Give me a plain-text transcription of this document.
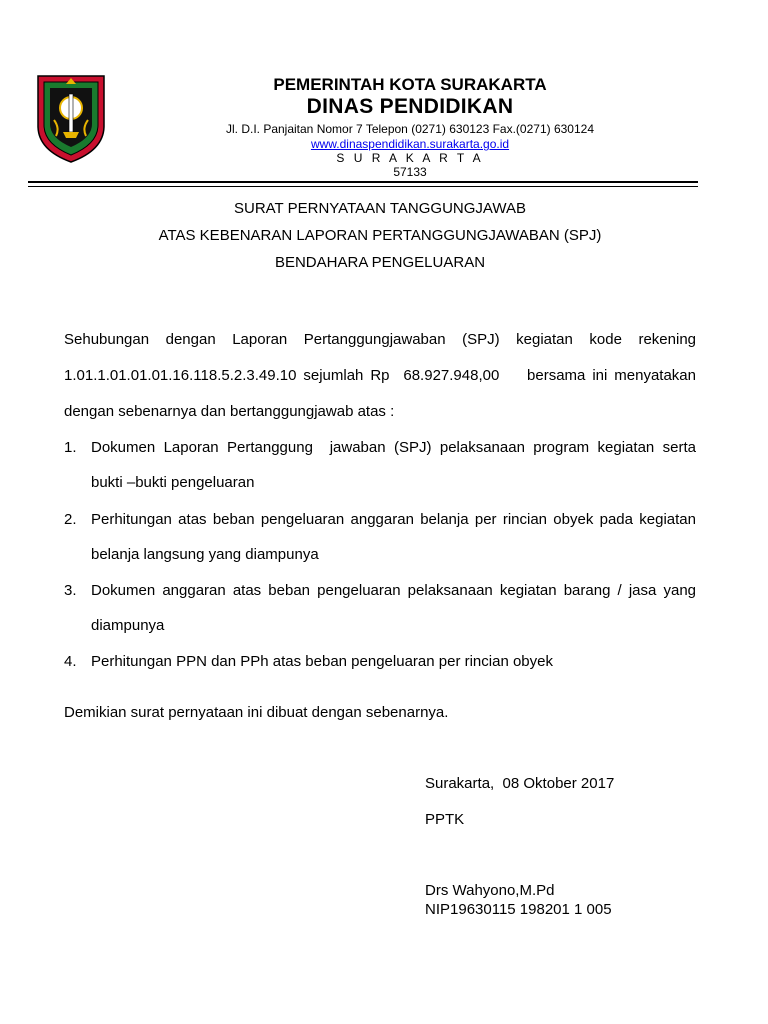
PEMERINTAH KOTA SURAKARTA
DINAS PENDIDIKAN
Jl. D.I. Panjaitan Nomor 7 Telepon (0271) 630123 Fax.(0271) 630124
www.dinaspendidikan.surakarta.go.id
S U R A K A R T A
57133
SURAT PERNYATAAN TANGGUNGJAWAB
ATAS KEBENARAN LAPORAN PERTANGGUNGJAWABAN (SPJ)
BENDAHARA PENGELUARAN
Sehubungan dengan Laporan Pertanggungjawaban (SPJ) kegiatan kode rekening
1.01.1.01.01.01.16.118.5.2.3.49.10 sejumlah Rp  68.927.948,00    bersama ini menyatakan
dengan sebenarnya dan bertanggungjawab atas :
1. Dokumen Laporan Pertanggung  jawaban (SPJ) pelaksanaan program kegiatan serta
bukti –bukti pengeluaran
2. Perhitungan atas beban pengeluaran anggaran belanja per rincian obyek pada kegiatan
belanja langsung yang diampunya
3. Dokumen anggaran atas beban pengeluaran pelaksanaan kegiatan barang / jasa yang
diampunya
4. Perhitungan PPN dan PPh atas beban pengeluaran per rincian obyek
Demikian surat pernyataan ini dibuat dengan sebenarnya.
Surakarta,  08 Oktober 2017
PPTK
Drs Wahyono,M.Pd
NIP19630115 198201 1 005
